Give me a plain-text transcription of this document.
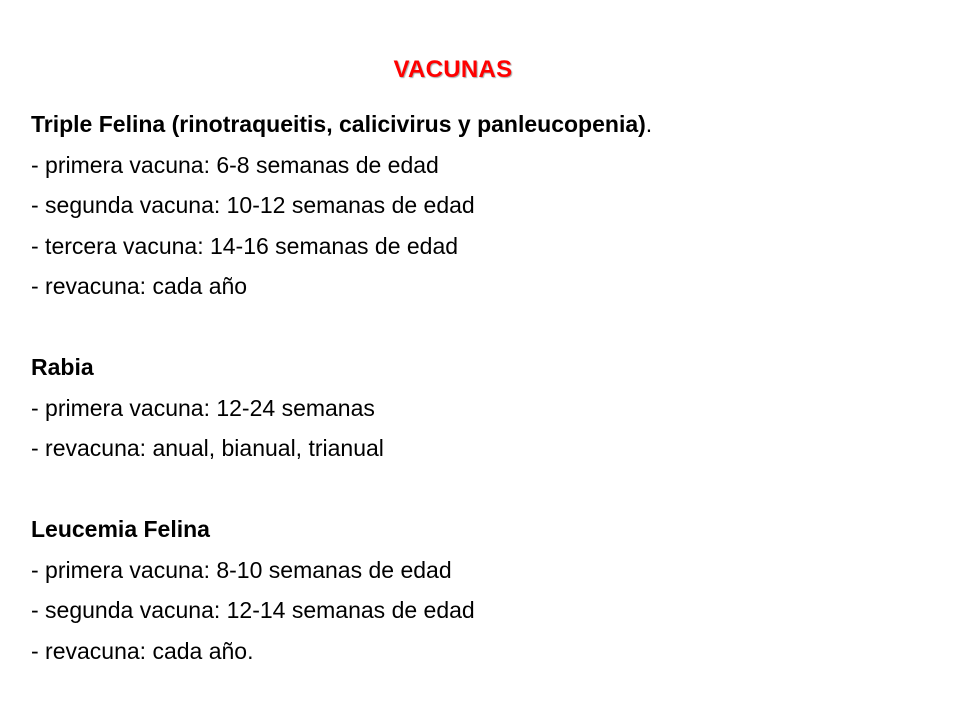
VACUNAS

Triple Felina (rinotraqueitis, calicivirus y panleucopenia).

- primera vacuna: 6-8 semanas de edad

- segunda vacuna: 10-12 semanas de edad

- tercera vacuna: 14-16 semanas de edad

- revacuna: cada año

Rabia

- primera vacuna: 12-24 semanas

- revacuna: anual, bianual, trianual

Leucemia Felina

- primera vacuna: 8-10 semanas de edad

- segunda vacuna: 12-14 semanas de edad

- revacuna: cada año.
